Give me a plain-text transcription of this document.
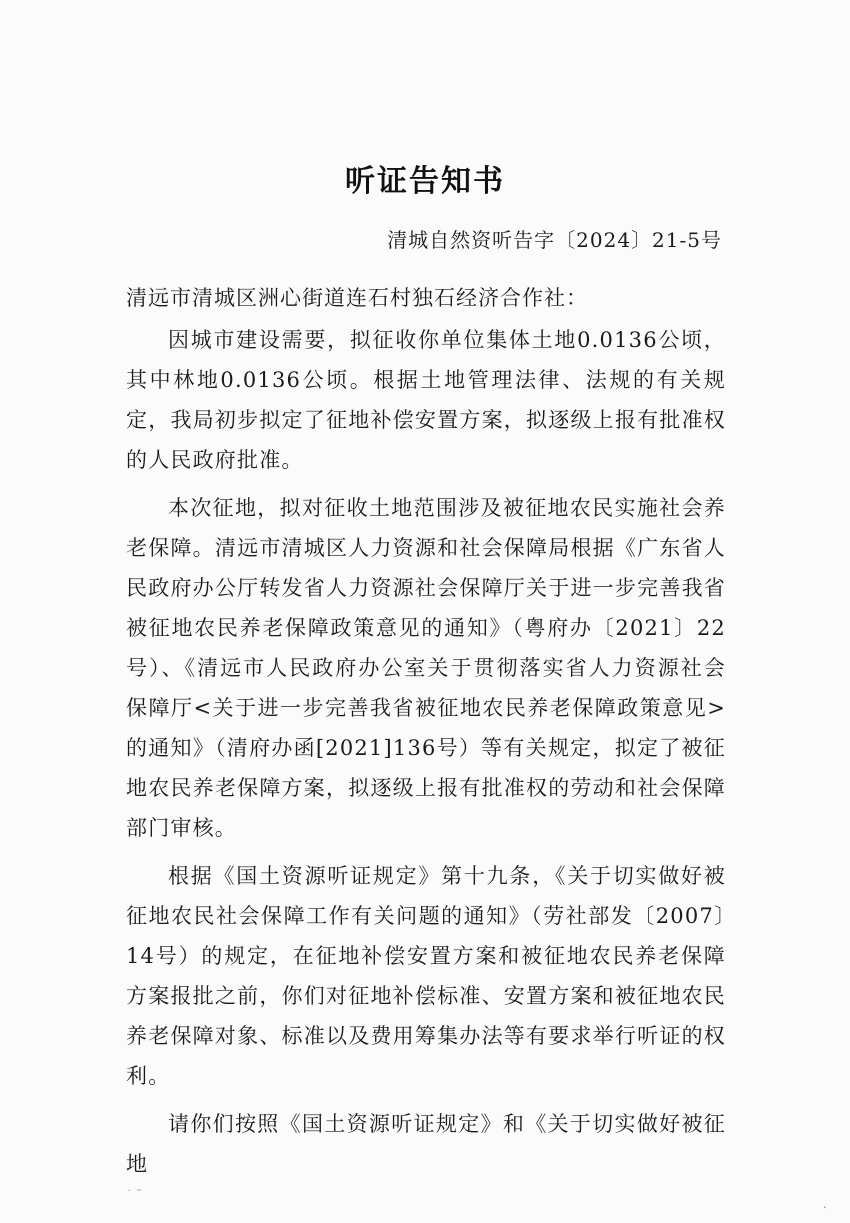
听证告知书
清城自然资听告字〔2024〕21-5号
清远市清城区洲心街道连石村独石经济合作社：

因城市建设需要，拟征收你单位集体土地0.0136公顷，其中林地0.0136公顷。根据土地管理法律、法规的有关规定，我局初步拟定了征地补偿安置方案，拟逐级上报有批准权的人民政府批准。

本次征地，拟对征收土地范围涉及被征地农民实施社会养老保障。清远市清城区人力资源和社会保障局根据《广东省人民政府办公厅转发省人力资源社会保障厅关于进一步完善我省被征地农民养老保障政策意见的通知》（粤府办〔2021〕22号）、《清远市人民政府办公室关于贯彻落实省人力资源社会保障厅<关于进一步完善我省被征地农民养老保障政策意见>的通知》（清府办函[2021]136号）等有关规定，拟定了被征地农民养老保障方案，拟逐级上报有批准权的劳动和社会保障部门审核。

根据《国土资源听证规定》第十九条，《关于切实做好被征地农民社会保障工作有关问题的通知》（劳社部发〔2007〕14号）的规定，在征地补偿安置方案和被征地农民养老保障方案报批之前，你们对征地补偿标准、安置方案和被征地农民养老保障对象、标准以及费用筹集办法等有要求举行听证的权利。

请你们按照《国土资源听证规定》和《关于切实做好被征地

˙ ˜	˛
